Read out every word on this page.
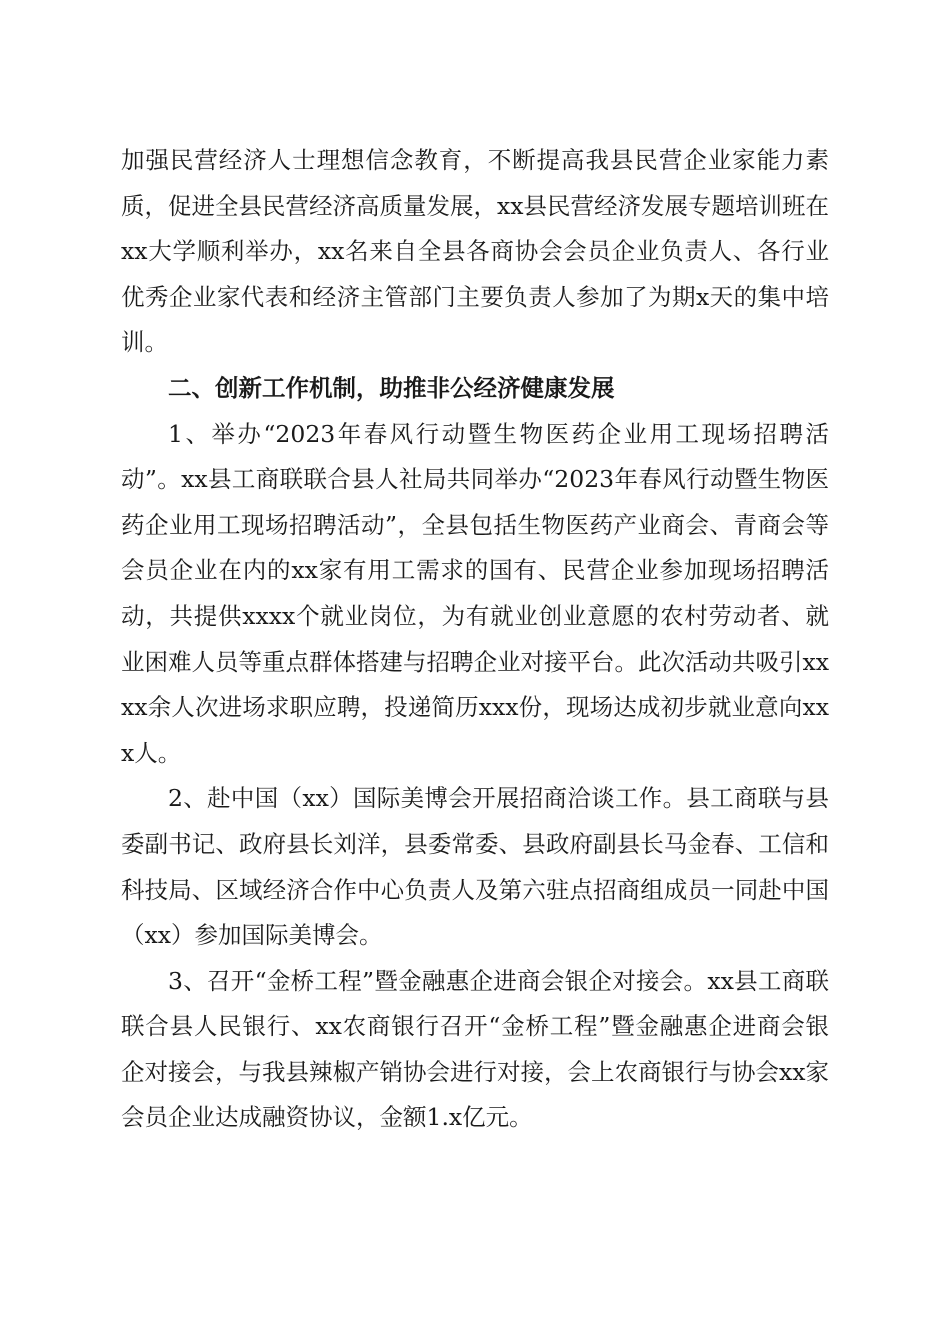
加强民营经济人士理想信念教育，不断提高我县民营企业家能力素质，促进全县民营经济高质量发展，xx县民营经济发展专题培训班在xx大学顺利举办，xx名来自全县各商协会会员企业负责人、各行业优秀企业家代表和经济主管部门主要负责人参加了为期x天的集中培训。

二、创新工作机制，助推非公经济健康发展

1、举办“2023年春风行动暨生物医药企业用工现场招聘活动”。xx县工商联联合县人社局共同举办“2023年春风行动暨生物医药企业用工现场招聘活动”，全县包括生物医药产业商会、青商会等会员企业在内的xx家有用工需求的国有、民营企业参加现场招聘活动，共提供xxxx个就业岗位，为有就业创业意愿的农村劳动者、就业困难人员等重点群体搭建与招聘企业对接平台。此次活动共吸引xxxx余人次进场求职应聘，投递简历xxx份，现场达成初步就业意向xxx人。

2、赴中国（xx）国际美博会开展招商洽谈工作。县工商联与县委副书记、政府县长刘洋，县委常委、县政府副县长马金春、工信和科技局、区域经济合作中心负责人及第六驻点招商组成员一同赴中国（xx）参加国际美博会。

3、召开“金桥工程”暨金融惠企进商会银企对接会。xx县工商联联合县人民银行、xx农商银行召开“金桥工程”暨金融惠企进商会银企对接会，与我县辣椒产销协会进行对接，会上农商银行与协会xx家会员企业达成融资协议，金额1.x亿元。
